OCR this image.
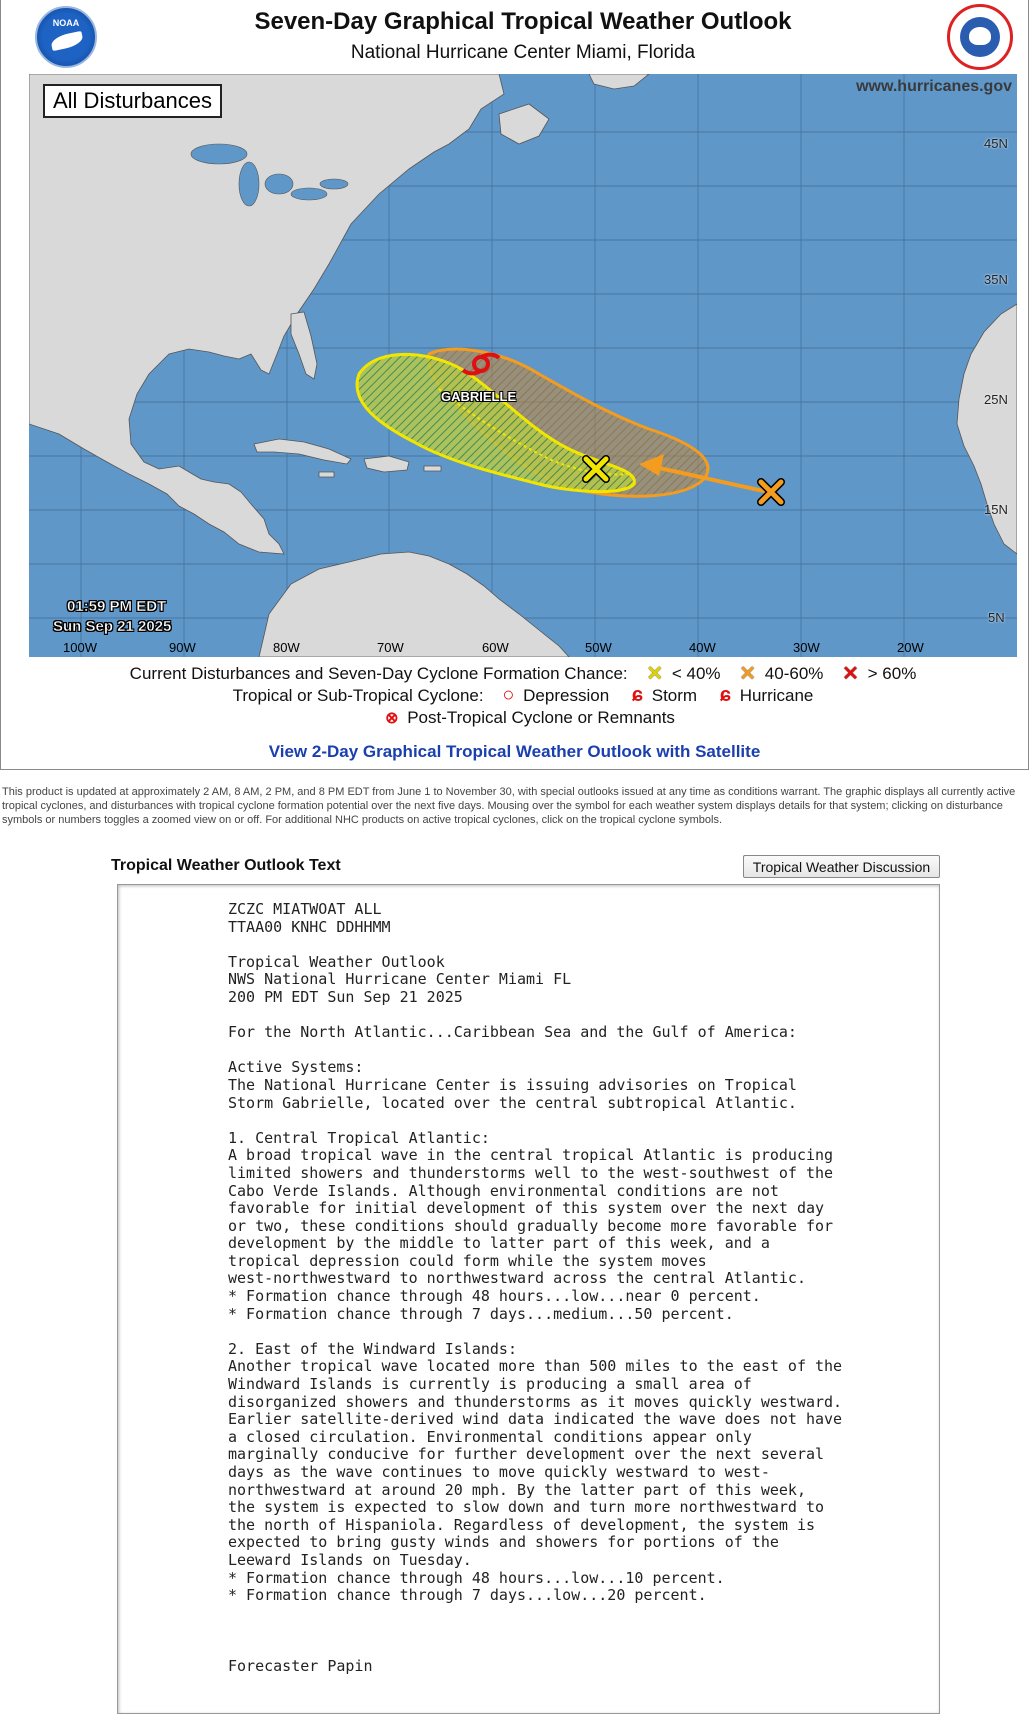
NOAA	Seven-Day Graphical Tropical Weather Outlook
National Hurricane Center Miami, Florida
All Disturbances
www.hurricanes.gov
45N
35N
25N
15N
5N
100W	90W	80W	70W	60W	50W	40W	30W	20W
01:59 PM EDT
Sun Sep 21 2025
GABRIELLE
Current Disturbances and Seven-Day Cyclone Formation Chance: ✕ < 40% ✕ 40-60% ✕ > 60%
Tropical or Sub-Tropical Cyclone: ○ Depression ɕ Storm ɕ Hurricane
⊗ Post-Tropical Cyclone or Remnants
View 2-Day Graphical Tropical Weather Outlook with Satellite
This product is updated at approximately 2 AM, 8 AM, 2 PM, and 8 PM EDT from June 1 to November 30, with special outlooks issued at any time as conditions warrant. The graphic displays all currently active tropical cyclones, and disturbances with tropical cyclone formation potential over the next five days. Mousing over the symbol for each weather system displays details for that system; clicking on disturbance symbols or numbers toggles a zoomed view on or off. For additional NHC products on active tropical cyclones, click on the tropical cyclone symbols.
Tropical Weather Outlook Text	Tropical Weather Discussion
ZCZC MIATWOAT ALL
TTAA00 KNHC DDHHMM

Tropical Weather Outlook
NWS National Hurricane Center Miami FL
200 PM EDT Sun Sep 21 2025

For the North Atlantic...Caribbean Sea and the Gulf of America:

Active Systems:
The National Hurricane Center is issuing advisories on Tropical
Storm Gabrielle, located over the central subtropical Atlantic.

1. Central Tropical Atlantic:
A broad tropical wave in the central tropical Atlantic is producing
limited showers and thunderstorms well to the west-southwest of the
Cabo Verde Islands. Although environmental conditions are not
favorable for initial development of this system over the next day
or two, these conditions should gradually become more favorable for
development by the middle to latter part of this week, and a
tropical depression could form while the system moves
west-northwestward to northwestward across the central Atlantic.
* Formation chance through 48 hours...low...near 0 percent.
* Formation chance through 7 days...medium...50 percent.

2. East of the Windward Islands:
Another tropical wave located more than 500 miles to the east of the
Windward Islands is currently is producing a small area of
disorganized showers and thunderstorms as it moves quickly westward.
Earlier satellite-derived wind data indicated the wave does not have
a closed circulation. Environmental conditions appear only
marginally conducive for further development over the next several
days as the wave continues to move quickly westward to west-
northwestward at around 20 mph. By the latter part of this week,
the system is expected to slow down and turn more northwestward to
the north of Hispaniola. Regardless of development, the system is
expected to bring gusty winds and showers for portions of the
Leeward Islands on Tuesday.
* Formation chance through 48 hours...low...10 percent.
* Formation chance through 7 days...low...20 percent.

Forecaster Papin
